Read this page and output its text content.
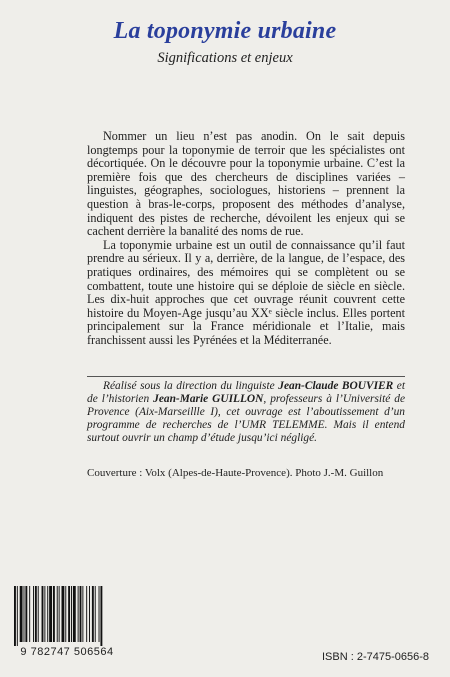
La toponymie urbaine
Significations et enjeux

Nommer un lieu n’est pas anodin. On le sait depuis longtemps pour la toponymie de terroir que les spécialistes ont décortiquée. On le découvre pour la toponymie urbaine. C’est la première fois que des chercheurs de disciplines variées – linguistes, géographes, sociologues, historiens – prennent la question à bras-le-corps, proposent des méthodes d’analyse, indiquent des pistes de recherche, dévoilent les enjeux qui se cachent derrière la banalité des noms de rue.

La toponymie urbaine est un outil de connaissance qu’il faut prendre au sérieux. Il y a, derrière, de la langue, de l’espace, des pratiques ordinaires, des mémoires qui se complètent ou se combattent, toute une histoire qui se déploie de siècle en siècle. Les dix-huit approches que cet ouvrage réunit couvrent cette histoire du Moyen-Age jusqu’au XXᵉ siècle inclus. Elles portent principalement sur la France méridionale et l’Italie, mais franchissent aussi les Pyrénées et la Méditerranée.

Réalisé sous la direction du linguiste Jean-Claude BOUVIER et de l’historien Jean-Marie GUILLON, professeurs à l’Université de Provence (Aix-Marseillle I), cet ouvrage est l’aboutissement d’un programme de recherches de l’UMR TELEMME. Mais il entend surtout ouvrir un champ d’étude jusqu’ici négligé.
Couverture : Volx (Alpes-de-Haute-Provence). Photo J.-M. Guillon
9 782747 506564	ISBN : 2-7475-0656-8
